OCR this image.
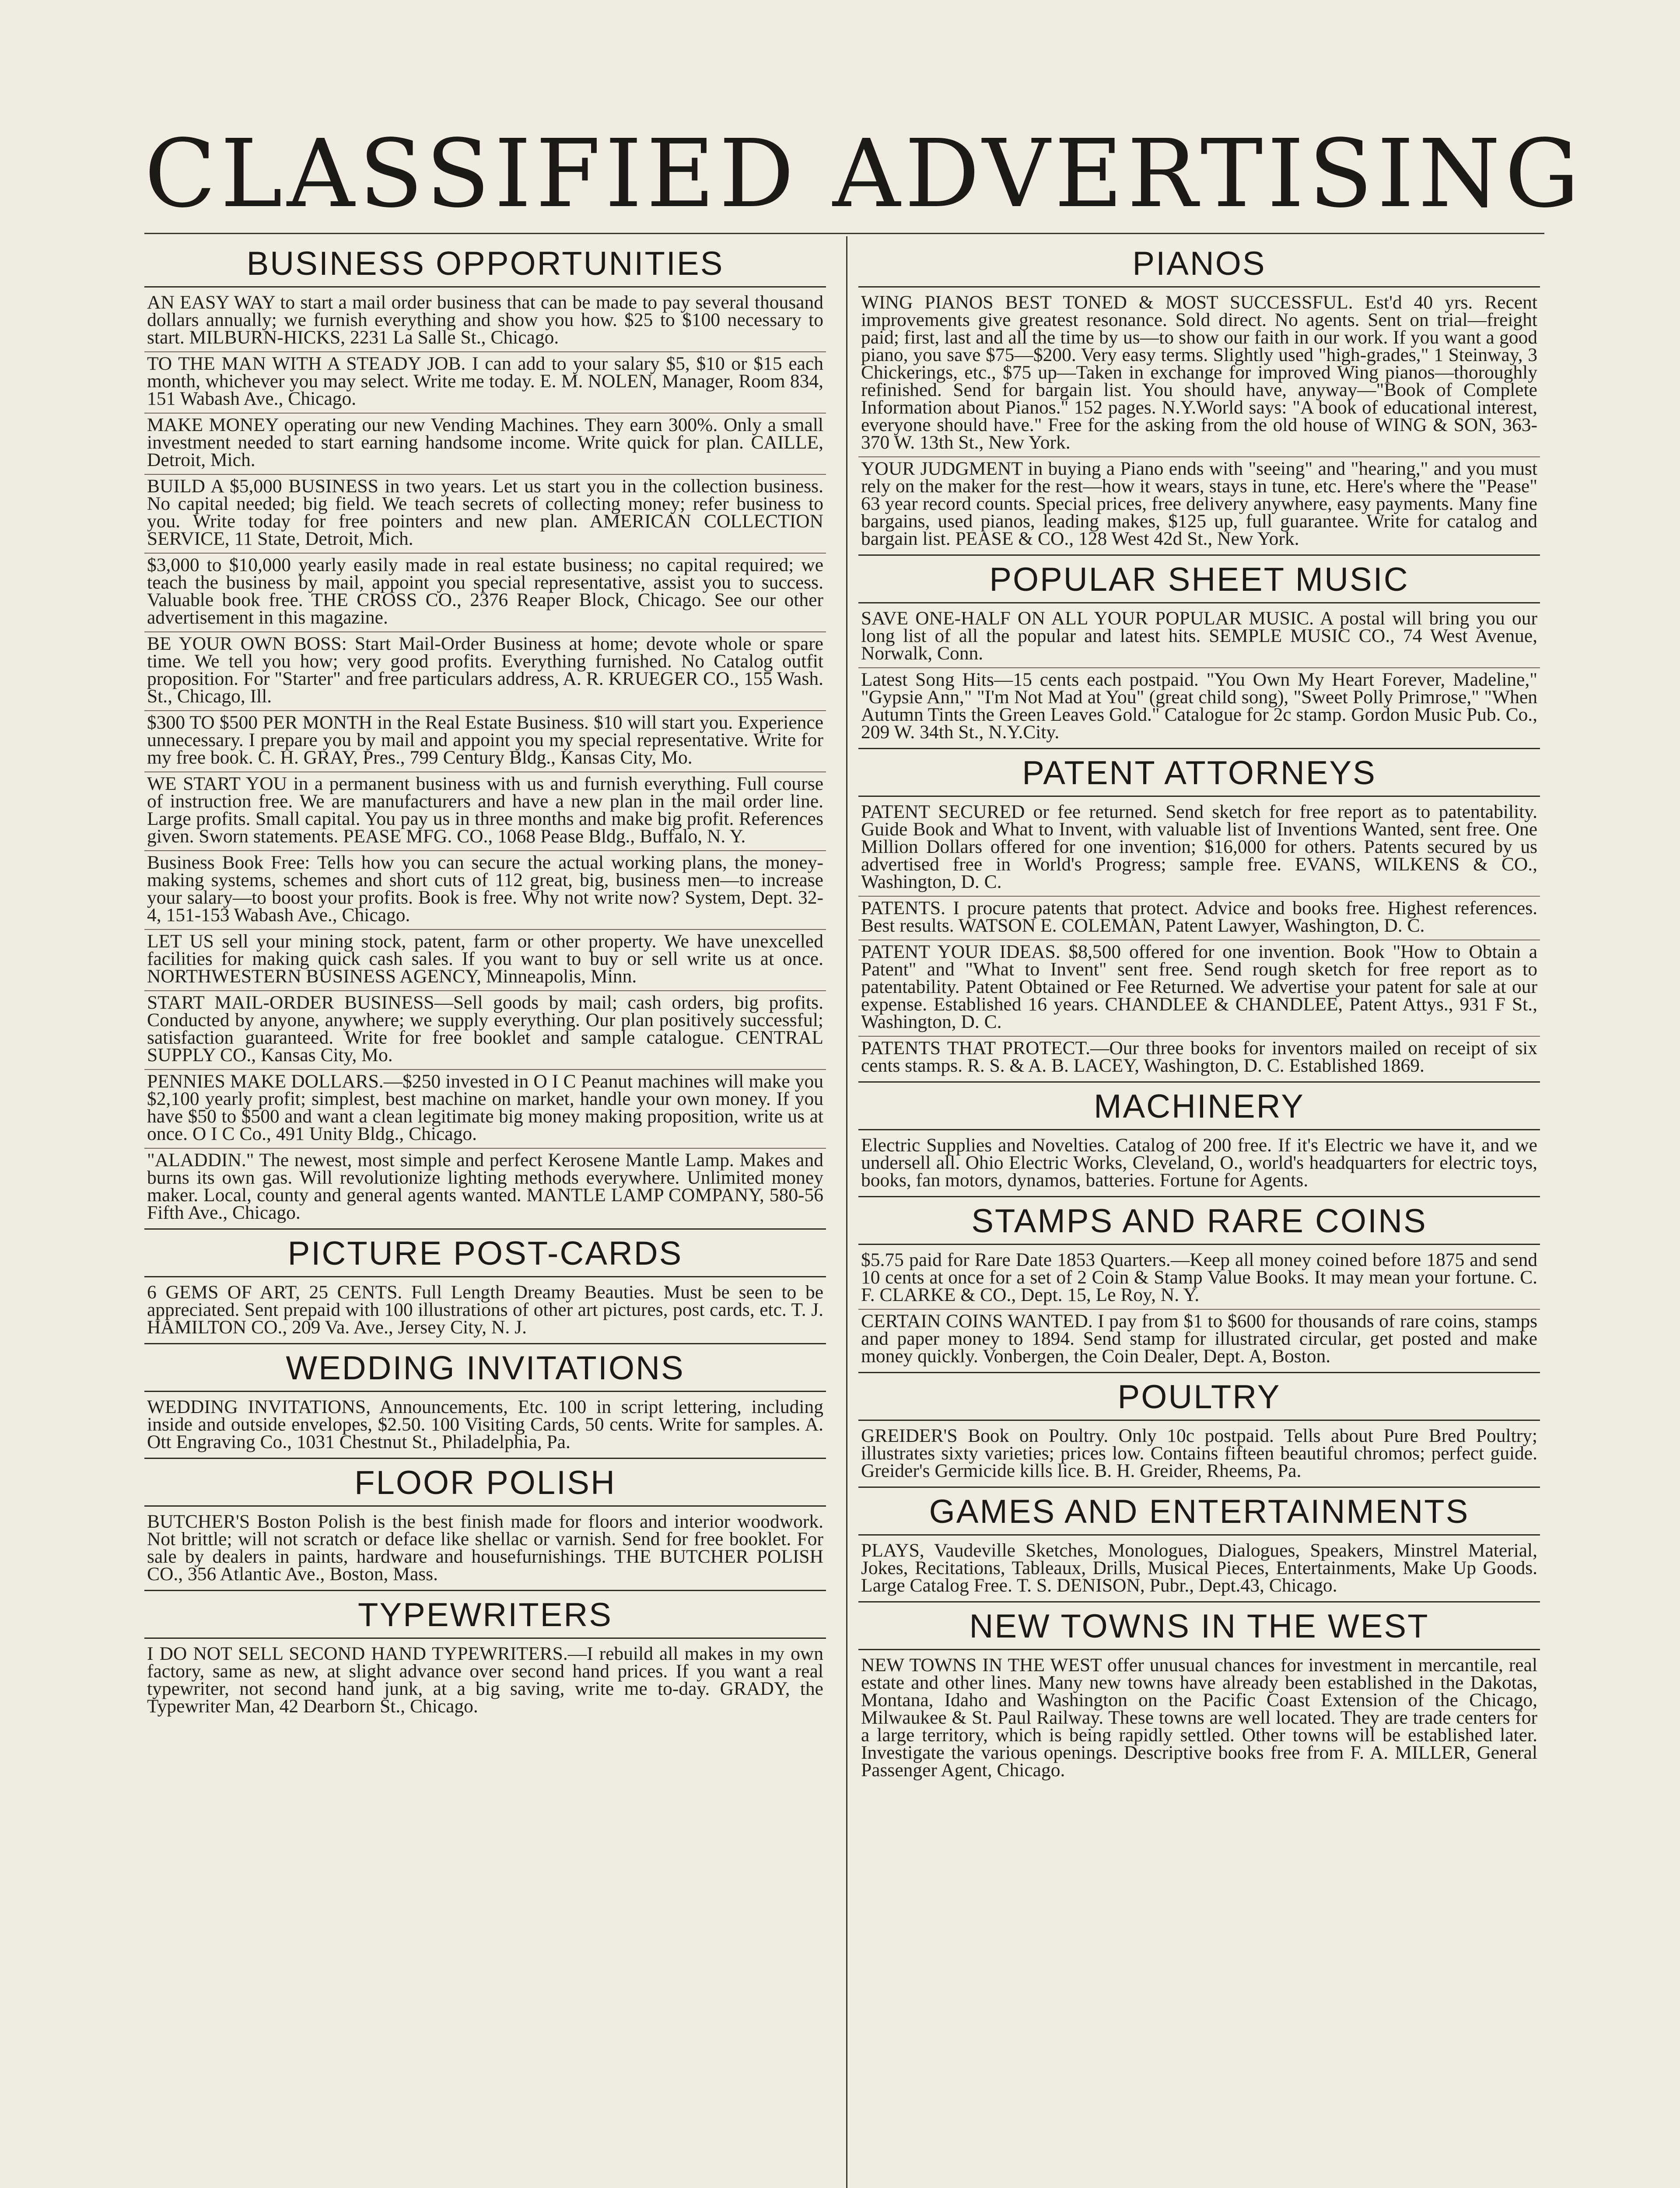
CLASSIFIED ADVERTISING
BUSINESS OPPORTUNITIES
AN EASY WAY to start a mail order business that can be made to pay several thousand dollars annually; we furnish everything and show you how. $25 to $100 necessary to start. MILBURN-HICKS, 2231 La Salle St., Chicago.
TO THE MAN WITH A STEADY JOB. I can add to your salary $5, $10 or $15 each month, whichever you may select. Write me today. E. M. NOLEN, Manager, Room 834, 151 Wabash Ave., Chicago.
MAKE MONEY operating our new Vending Machines. They earn 300%. Only a small investment needed to start earning handsome income. Write quick for plan. CAILLE, Detroit, Mich.
BUILD A $5,000 BUSINESS in two years. Let us start you in the collection business. No capital needed; big field. We teach secrets of collecting money; refer business to you. Write today for free pointers and new plan. AMERICAN COLLECTION SERVICE, 11 State, Detroit, Mich.
$3,000 to $10,000 yearly easily made in real estate business; no capital required; we teach the business by mail, appoint you special representative, assist you to success. Valuable book free. THE CROSS CO., 2376 Reaper Block, Chicago. See our other advertisement in this magazine.
BE YOUR OWN BOSS: Start Mail-Order Business at home; devote whole or spare time. We tell you how; very good profits. Everything furnished. No Catalog outfit proposition. For "Starter" and free particulars address, A. R. KRUEGER CO., 155 Wash. St., Chicago, Ill.
$300 TO $500 PER MONTH in the Real Estate Business. $10 will start you. Experience unnecessary. I prepare you by mail and appoint you my special representative. Write for my free book. C. H. GRAY, Pres., 799 Century Bldg., Kansas City, Mo.
WE START YOU in a permanent business with us and furnish everything. Full course of instruction free. We are manufacturers and have a new plan in the mail order line. Large profits. Small capital. You pay us in three months and make big profit. References given. Sworn statements. PEASE MFG. CO., 1068 Pease Bldg., Buffalo, N. Y.
Business Book Free: Tells how you can secure the actual working plans, the money-making systems, schemes and short cuts of 112 great, big, business men—to increase your salary—to boost your profits. Book is free. Why not write now? System, Dept. 32-4, 151-153 Wabash Ave., Chicago.
LET US sell your mining stock, patent, farm or other property. We have unexcelled facilities for making quick cash sales. If you want to buy or sell write us at once. NORTHWESTERN BUSINESS AGENCY, Minneapolis, Minn.
START MAIL-ORDER BUSINESS—Sell goods by mail; cash orders, big profits. Conducted by anyone, anywhere; we supply everything. Our plan positively successful; satisfaction guaranteed. Write for free booklet and sample catalogue. CENTRAL SUPPLY CO., Kansas City, Mo.
PENNIES MAKE DOLLARS.—$250 invested in O I C Peanut machines will make you $2,100 yearly profit; simplest, best machine on market, handle your own money. If you have $50 to $500 and want a clean legitimate big money making proposition, write us at once. O I C Co., 491 Unity Bldg., Chicago.
"ALADDIN." The newest, most simple and perfect Kerosene Mantle Lamp. Makes and burns its own gas. Will revolutionize lighting methods everywhere. Unlimited money maker. Local, county and general agents wanted. MANTLE LAMP COMPANY, 580-56 Fifth Ave., Chicago.
PICTURE POST-CARDS
6 GEMS OF ART, 25 CENTS. Full Length Dreamy Beauties. Must be seen to be appreciated. Sent prepaid with 100 illustrations of other art pictures, post cards, etc. T. J. HAMILTON CO., 209 Va. Ave., Jersey City, N. J.
WEDDING INVITATIONS
WEDDING INVITATIONS, Announcements, Etc. 100 in script lettering, including inside and outside envelopes, $2.50. 100 Visiting Cards, 50 cents. Write for samples. A. Ott Engraving Co., 1031 Chestnut St., Philadelphia, Pa.
FLOOR POLISH
BUTCHER'S Boston Polish is the best finish made for floors and interior woodwork. Not brittle; will not scratch or deface like shellac or varnish. Send for free booklet. For sale by dealers in paints, hardware and housefurnishings. THE BUTCHER POLISH CO., 356 Atlantic Ave., Boston, Mass.
TYPEWRITERS
I DO NOT SELL SECOND HAND TYPEWRITERS.—I rebuild all makes in my own factory, same as new, at slight advance over second hand prices. If you want a real typewriter, not second hand junk, at a big saving, write me to-day. GRADY, the Typewriter Man, 42 Dearborn St., Chicago.
PIANOS
WING PIANOS BEST TONED & MOST SUCCESSFUL. Est'd 40 yrs. Recent improvements give greatest resonance. Sold direct. No agents. Sent on trial—freight paid; first, last and all the time by us—to show our faith in our work. If you want a good piano, you save $75—$200. Very easy terms. Slightly used "high-grades," 1 Steinway, 3 Chickerings, etc., $75 up—Taken in exchange for improved Wing pianos—thoroughly refinished. Send for bargain list. You should have, anyway—"Book of Complete Information about Pianos." 152 pages. N.Y.World says: "A book of educational interest, everyone should have." Free for the asking from the old house of WING & SON, 363-370 W. 13th St., New York.
YOUR JUDGMENT in buying a Piano ends with "seeing" and "hearing," and you must rely on the maker for the rest—how it wears, stays in tune, etc. Here's where the "Pease" 63 year record counts. Special prices, free delivery anywhere, easy payments. Many fine bargains, used pianos, leading makes, $125 up, full guarantee. Write for catalog and bargain list. PEASE & CO., 128 West 42d St., New York.
POPULAR SHEET MUSIC
SAVE ONE-HALF ON ALL YOUR POPULAR MUSIC. A postal will bring you our long list of all the popular and latest hits. SEMPLE MUSIC CO., 74 West Avenue, Norwalk, Conn.
Latest Song Hits—15 cents each postpaid. "You Own My Heart Forever, Madeline," "Gypsie Ann," "I'm Not Mad at You" (great child song), "Sweet Polly Primrose," "When Autumn Tints the Green Leaves Gold." Catalogue for 2c stamp. Gordon Music Pub. Co., 209 W. 34th St., N.Y.City.
PATENT ATTORNEYS
PATENT SECURED or fee returned. Send sketch for free report as to patentability. Guide Book and What to Invent, with valuable list of Inventions Wanted, sent free. One Million Dollars offered for one invention; $16,000 for others. Patents secured by us advertised free in World's Progress; sample free. EVANS, WILKENS & CO., Washington, D. C.
PATENTS. I procure patents that protect. Advice and books free. Highest references. Best results. WATSON E. COLEMAN, Patent Lawyer, Washington, D. C.
PATENT YOUR IDEAS. $8,500 offered for one invention. Book "How to Obtain a Patent" and "What to Invent" sent free. Send rough sketch for free report as to patentability. Patent Obtained or Fee Returned. We advertise your patent for sale at our expense. Established 16 years. CHANDLEE & CHANDLEE, Patent Attys., 931 F St., Washington, D. C.
PATENTS THAT PROTECT.—Our three books for inventors mailed on receipt of six cents stamps. R. S. & A. B. LACEY, Washington, D. C. Established 1869.
MACHINERY
Electric Supplies and Novelties. Catalog of 200 free. If it's Electric we have it, and we undersell all. Ohio Electric Works, Cleveland, O., world's headquarters for electric toys, books, fan motors, dynamos, batteries. Fortune for Agents.
STAMPS AND RARE COINS
$5.75 paid for Rare Date 1853 Quarters.—Keep all money coined before 1875 and send 10 cents at once for a set of 2 Coin & Stamp Value Books. It may mean your fortune. C. F. CLARKE & CO., Dept. 15, Le Roy, N. Y.
CERTAIN COINS WANTED. I pay from $1 to $600 for thousands of rare coins, stamps and paper money to 1894. Send stamp for illustrated circular, get posted and make money quickly. Vonbergen, the Coin Dealer, Dept. A, Boston.
POULTRY
GREIDER'S Book on Poultry. Only 10c postpaid. Tells about Pure Bred Poultry; illustrates sixty varieties; prices low. Contains fifteen beautiful chromos; perfect guide. Greider's Germicide kills lice. B. H. Greider, Rheems, Pa.
GAMES AND ENTERTAINMENTS
PLAYS, Vaudeville Sketches, Monologues, Dialogues, Speakers, Minstrel Material, Jokes, Recitations, Tableaux, Drills, Musical Pieces, Entertainments, Make Up Goods. Large Catalog Free. T. S. DENISON, Pubr., Dept.43, Chicago.
NEW TOWNS IN THE WEST
NEW TOWNS IN THE WEST offer unusual chances for investment in mercantile, real estate and other lines. Many new towns have already been established in the Dakotas, Montana, Idaho and Washington on the Pacific Coast Extension of the Chicago, Milwaukee & St. Paul Railway. These towns are well located. They are trade centers for a large territory, which is being rapidly settled. Other towns will be established later. Investigate the various openings. Descriptive books free from F. A. MILLER, General Passenger Agent, Chicago.
